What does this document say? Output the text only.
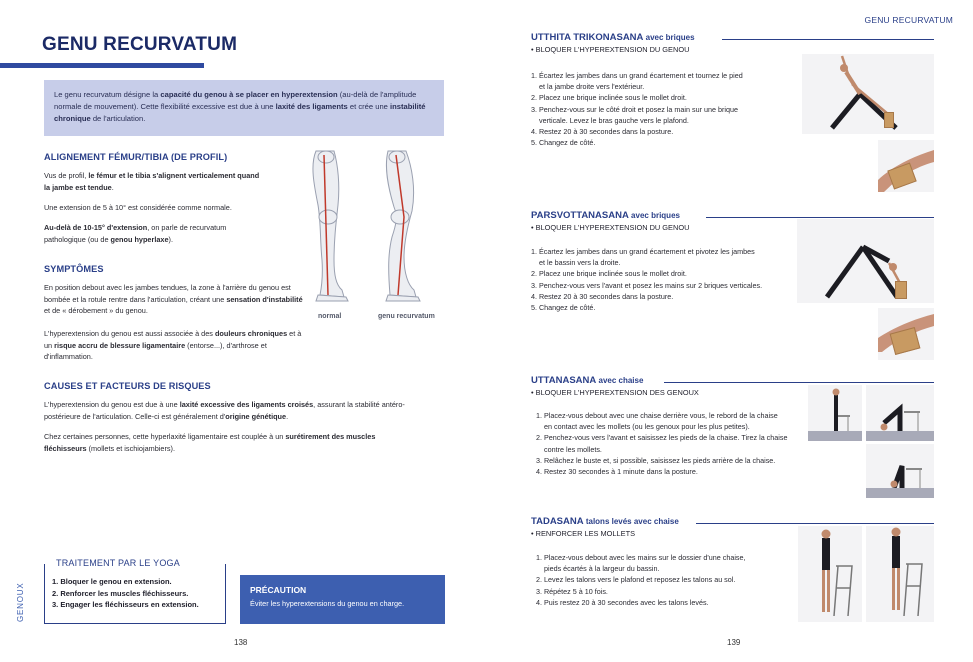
GENU RECURVATUM
Le genu recurvatum désigne la capacité du genou à se placer en hyperextension (au-delà de l'amplitude normale de mouvement). Cette flexibilité excessive est due à une laxité des ligaments et crée une instabilité chronique de l'articulation.
ALIGNEMENT FÉMUR/TIBIA (DE PROFIL)
Vus de profil, le fémur et le tibia s'alignent verticalement quand la jambe est tendue.
Une extension de 5 à 10° est considérée comme normale.
Au-delà de 10-15° d'extension, on parle de recurvatum pathologique (ou de genou hyperlaxe).
normal	genu recurvatum
SYMPTÔMES
En position debout avec les jambes tendues, la zone à l'arrière du genou est bombée et la rotule rentre dans l'articulation, créant une sensation d'instabilité et de « dérobement » du genou.
L'hyperextension du genou est aussi associée à des douleurs chroniques et à un risque accru de blessure ligamentaire (entorse...), d'arthrose et d'inflammation.
CAUSES ET FACTEURS DE RISQUES
L'hyperextension du genou est due à une laxité excessive des ligaments croisés, assurant la stabilité antéro-postérieure de l'articulation. Celle-ci est généralement d'origine génétique.
Chez certaines personnes, cette hyperlaxité ligamentaire est couplée à un surétirement des muscles fléchisseurs (mollets et ischiojambiers).
TRAITEMENT PAR LE YOGA
1. Bloquer le genou en extension.
2. Renforcer les muscles fléchisseurs.
3. Engager les fléchisseurs en extension.
PRÉCAUTION
Éviter les hyperextensions du genou en charge.
GENOUX
138
GENU RECURVATUM
UTTHITA TRIKONASANA avec briques
• BLOQUER L'HYPEREXTENSION DU GENOU
1. Écartez les jambes dans un grand écartement et tournez le pied
et la jambe droite vers l'extérieur.
2. Placez une brique inclinée sous le mollet droit.
3. Penchez-vous sur le côté droit et posez la main sur une brique
verticale. Levez le bras gauche vers le plafond.
4. Restez 20 à 30 secondes dans la posture.
5. Changez de côté.
PARSVOTTANASANA avec briques
• BLOQUER L'HYPEREXTENSION DU GENOU
1. Écartez les jambes dans un grand écartement et pivotez les jambes
et le bassin vers la droite.
2. Placez une brique inclinée sous le mollet droit.
3. Penchez-vous vers l'avant et posez les mains sur 2 briques verticales.
4. Restez 20 à 30 secondes dans la posture.
5. Changez de côté.
UTTANASANA avec chaise
• BLOQUER L'HYPEREXTENSION DES GENOUX
1. Placez-vous debout avec une chaise derrière vous, le rebord de la chaise
en contact avec les mollets (ou les genoux pour les plus petites).
2. Penchez-vous vers l'avant et saisissez les pieds de la chaise. Tirez la chaise
contre les mollets.
3. Relâchez le buste et, si possible, saisissez les pieds arrière de la chaise.
4. Restez 30 secondes à 1 minute dans la posture.
TADASANA talons levés avec chaise
• RENFORCER LES MOLLETS
1. Placez-vous debout avec les mains sur le dossier d'une chaise,
pieds écartés à la largeur du bassin.
2. Levez les talons vers le plafond et reposez les talons au sol.
3. Répétez 5 à 10 fois.
4. Puis restez 20 à 30 secondes avec les talons levés.
139
